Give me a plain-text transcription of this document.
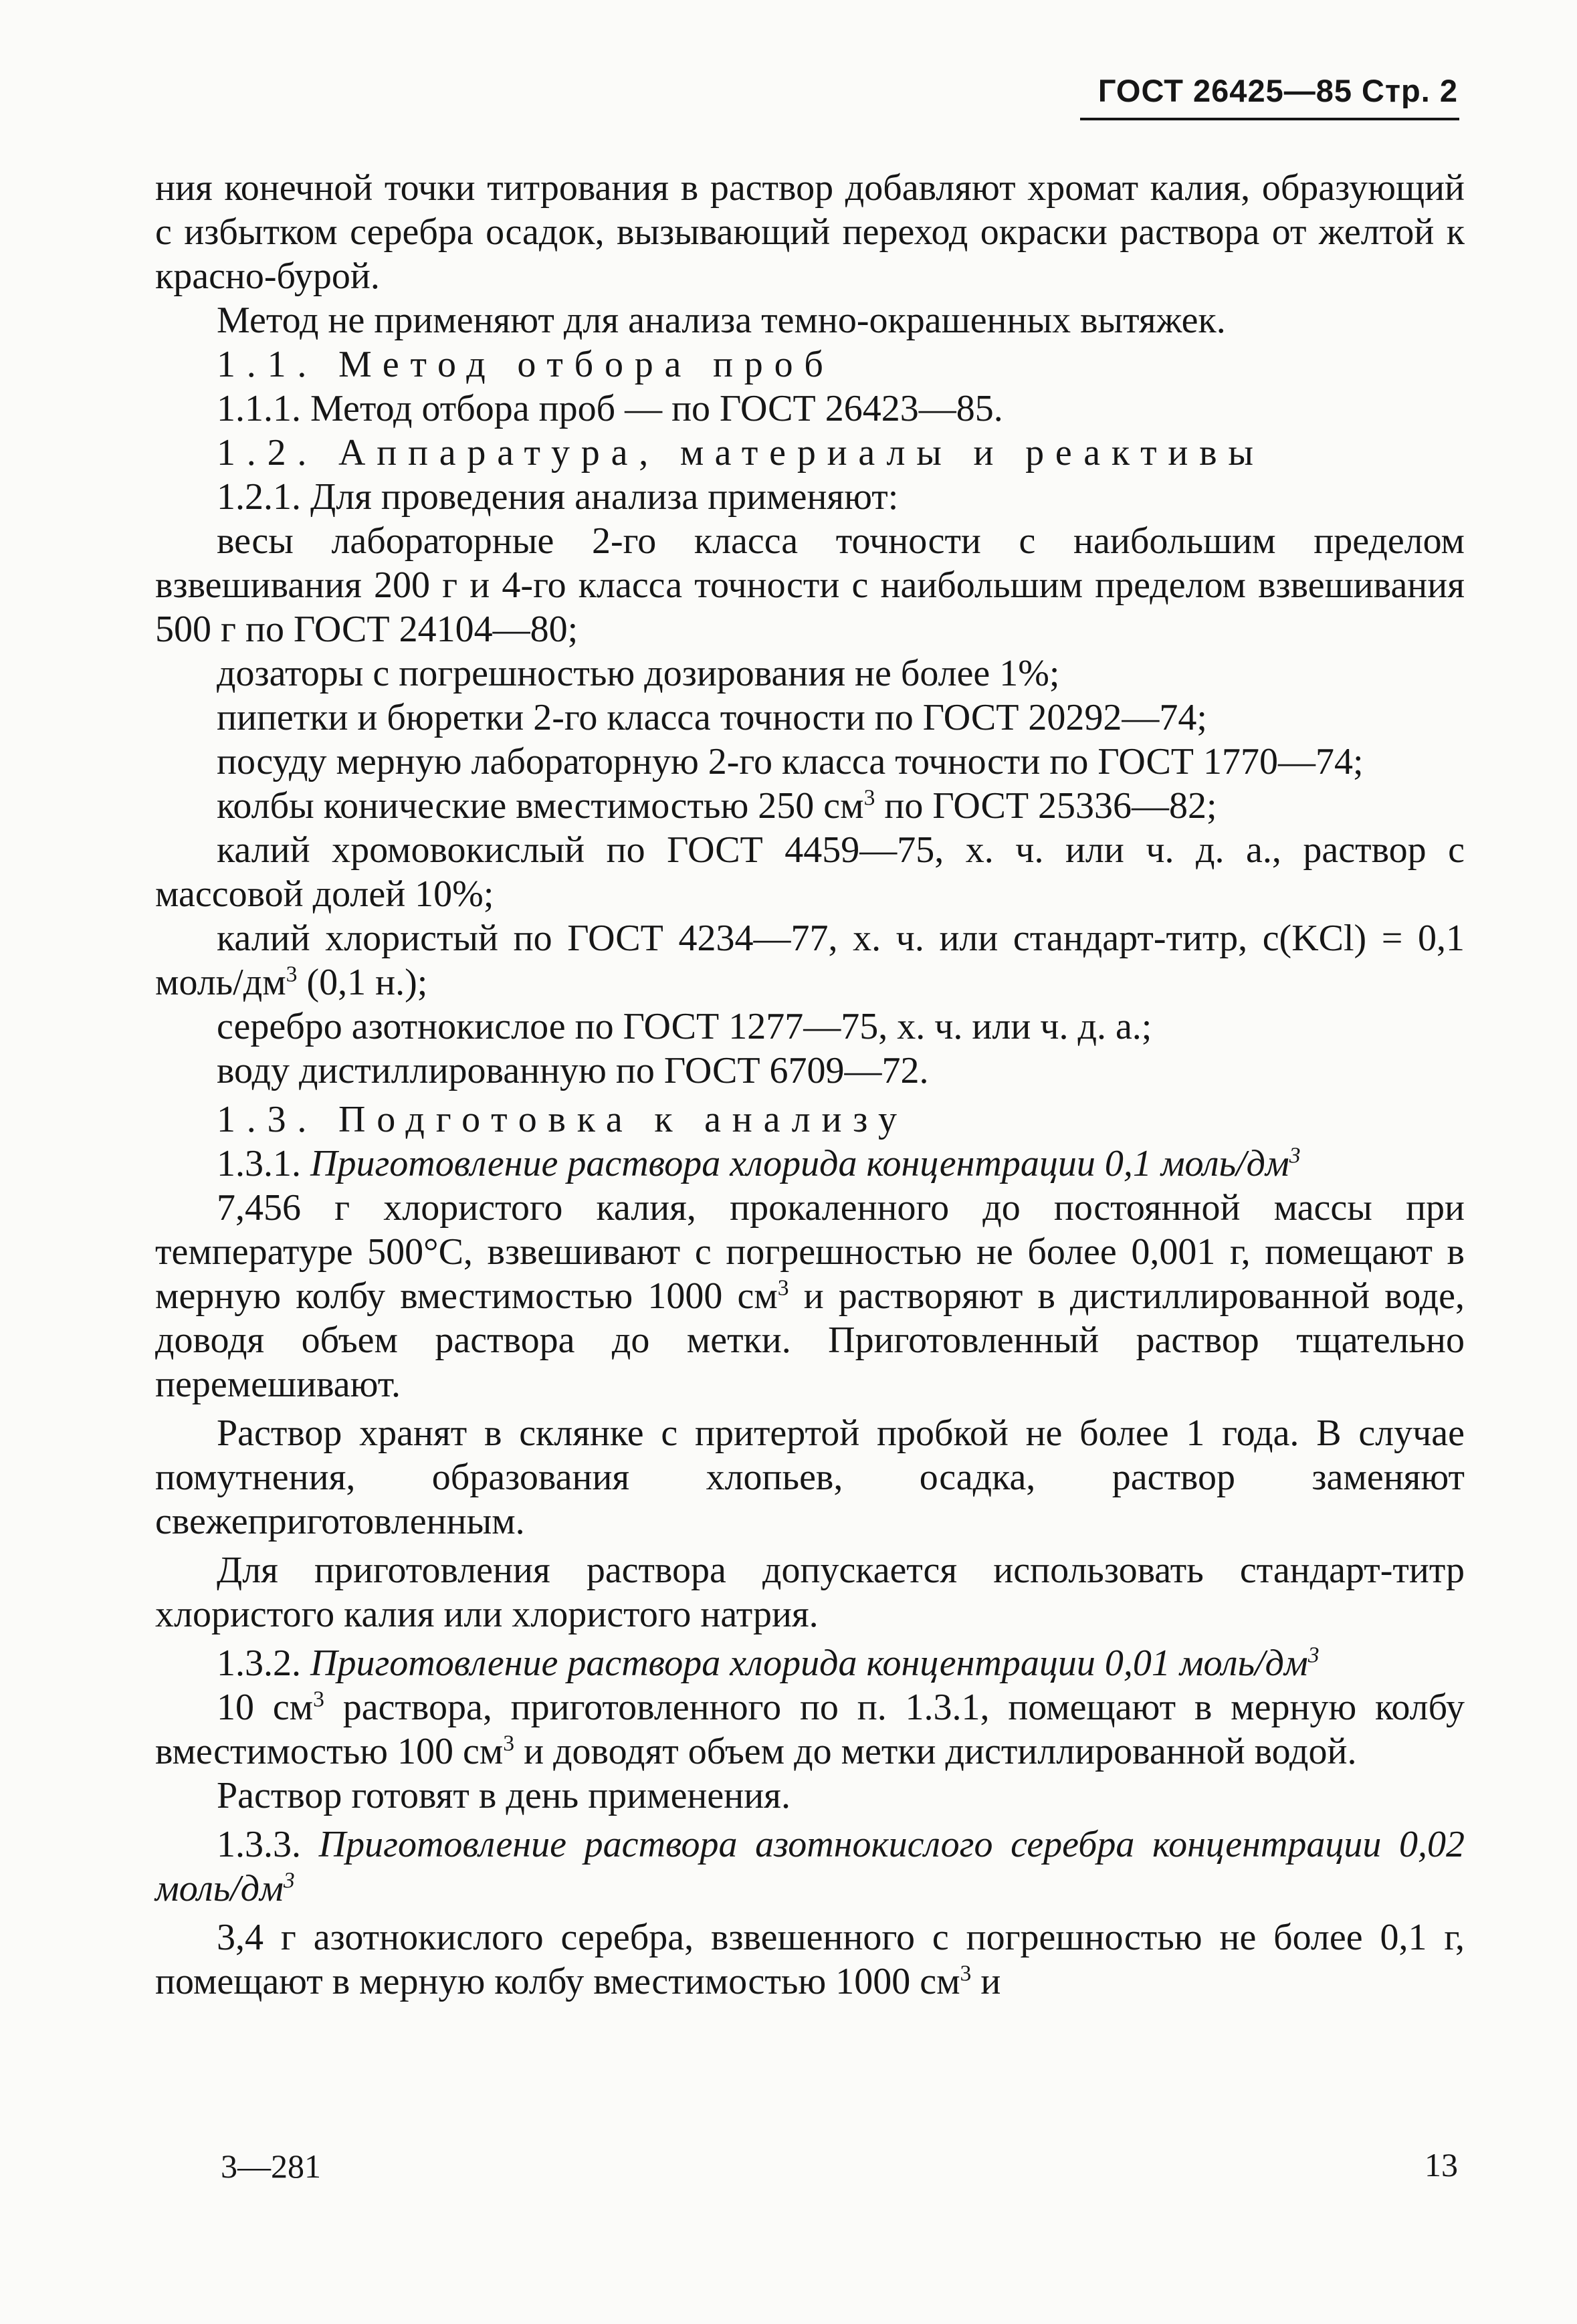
ГОСТ 26425—85 Стр. 2

ния конечной точки титрования в раствор добавляют хромат калия, образующий с избытком серебра осадок, вызывающий переход окраски раствора от желтой к красно-бурой.

Метод не применяют для анализа темно-окрашенных вытяжек.

1.1. Метод отбора проб

1.1.1. Метод отбора проб — по ГОСТ 26423—85.

1.2. Аппаратура, материалы и реактивы

1.2.1. Для проведения анализа применяют:

весы лабораторные 2-го класса точности с наибольшим пределом взвешивания 200 г и 4-го класса точности с наибольшим пределом взвешивания 500 г по ГОСТ 24104—80;

дозаторы с погрешностью дозирования не более 1%;

пипетки и бюретки 2-го класса точности по ГОСТ 20292—74;

посуду мерную лабораторную 2-го класса точности по ГОСТ 1770—74;

колбы конические вместимостью 250 $см^3$ по ГОСТ 25336—82;

калий хромовокислый по ГОСТ 4459—75, х. ч. или ч. д. а., раствор с массовой долей 10%;

калий хлористый по ГОСТ 4234—77, х. ч. или стандарт-титр, с(KCl) = 0,1 моль/$дм^3$ (0,1 н.);

серебро азотнокислое по ГОСТ 1277—75, х. ч. или ч. д. а.;

воду дистиллированную по ГОСТ 6709—72.

1.3. Подготовка к анализу

1.3.1. Приготовление раствора хлорида концентрации 0,1 моль/$дм^3$

7,456 г хлористого калия, прокаленного до постоянной массы при температуре 500°С, взвешивают с погрешностью не более 0,001 г, помещают в мерную колбу вместимостью 1000 $см^3$ и растворяют в дистиллированной воде, доводя объем раствора до метки. Приготовленный раствор тщательно перемешивают.

Раствор хранят в склянке с притертой пробкой не более 1 года. В случае помутнения, образования хлопьев, осадка, раствор заменяют свежеприготовленным.

Для приготовления раствора допускается использовать стандарт-титр хлористого калия или хлористого натрия.

1.3.2. Приготовление раствора хлорида концентрации 0,01 моль/$дм^3$

10 $см^3$ раствора, приготовленного по п. 1.3.1, помещают в мерную колбу вместимостью 100 $см^3$ и доводят объем до метки дистиллированной водой.

Раствор готовят в день применения.

1.3.3. Приготовление раствора азотнокислого серебра концентрации 0,02 моль/$дм^3$

3,4 г азотнокислого серебра, взвешенного с погрешностью не более 0,1 г, помещают в мерную колбу вместимостью 1000 $см^3$ и

3—281	13
